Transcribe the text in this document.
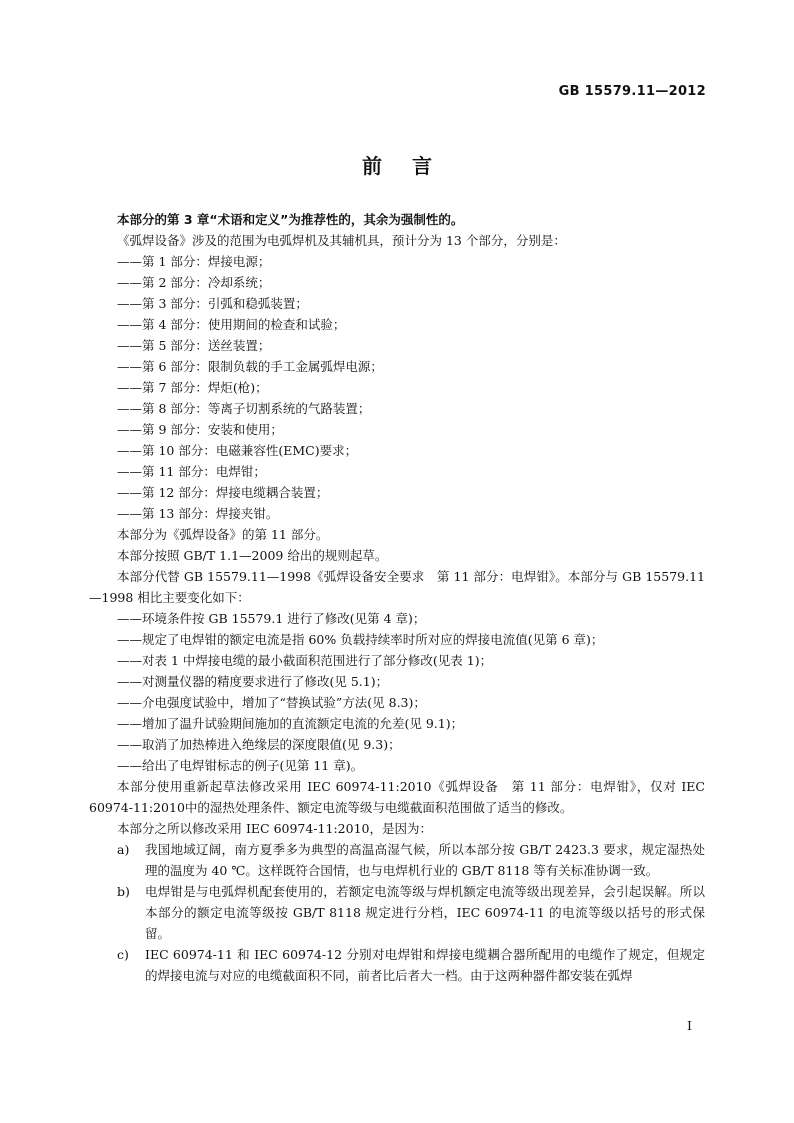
GB 15579.11—2012
前言
本部分的第 3 章“术语和定义”为推荐性的，其余为强制性的。
《弧焊设备》涉及的范围为电弧焊机及其辅机具，预计分为 13 个部分，分别是：
——第 1 部分：焊接电源；
——第 2 部分：冷却系统；
——第 3 部分：引弧和稳弧装置；
——第 4 部分：使用期间的检查和试验；
——第 5 部分：送丝装置；
——第 6 部分：限制负载的手工金属弧焊电源；
——第 7 部分：焊炬(枪)；
——第 8 部分：等离子切割系统的气路装置；
——第 9 部分：安装和使用；
——第 10 部分：电磁兼容性(EMC)要求；
——第 11 部分：电焊钳；
——第 12 部分：焊接电缆耦合装置；
——第 13 部分：焊接夹钳。
本部分为《弧焊设备》的第 11 部分。
本部分按照 GB/T 1.1—2009 给出的规则起草。
本部分代替 GB 15579.11—1998《弧焊设备安全要求　第 11 部分：电焊钳》。本部分与 GB 15579.11—1998 相比主要变化如下：
——环境条件按 GB 15579.1 进行了修改(见第 4 章)；
——规定了电焊钳的额定电流是指 60% 负载持续率时所对应的焊接电流值(见第 6 章)；
——对表 1 中焊接电缆的最小截面积范围进行了部分修改(见表 1)；
——对测量仪器的精度要求进行了修改(见 5.1)；
——介电强度试验中，增加了“替换试验”方法(见 8.3)；
——增加了温升试验期间施加的直流额定电流的允差(见 9.1)；
——取消了加热棒进入绝缘层的深度限值(见 9.3)；
——给出了电焊钳标志的例子(见第 11 章)。
本部分使用重新起草法修改采用 IEC 60974-11:2010《弧焊设备　第 11 部分：电焊钳》，仅对 IEC 60974-11:2010中的湿热处理条件、额定电流等级与电缆截面积范围做了适当的修改。
本部分之所以修改采用 IEC 60974-11:2010，是因为：
a)	我国地域辽阔，南方夏季多为典型的高温高湿气候，所以本部分按 GB/T 2423.3 要求，规定湿热处理的温度为 40 ℃。这样既符合国情，也与电焊机行业的 GB/T 8118 等有关标准协调一致。
b)	电焊钳是与电弧焊机配套使用的，若额定电流等级与焊机额定电流等级出现差异，会引起误解。所以本部分的额定电流等级按 GB/T 8118 规定进行分档，IEC 60974-11 的电流等级以括号的形式保留。
c)	IEC 60974-11 和 IEC 60974-12 分别对电焊钳和焊接电缆耦合器所配用的电缆作了规定，但规定的焊接电流与对应的电缆截面积不同，前者比后者大一档。由于这两种器件都安装在弧焊
I
